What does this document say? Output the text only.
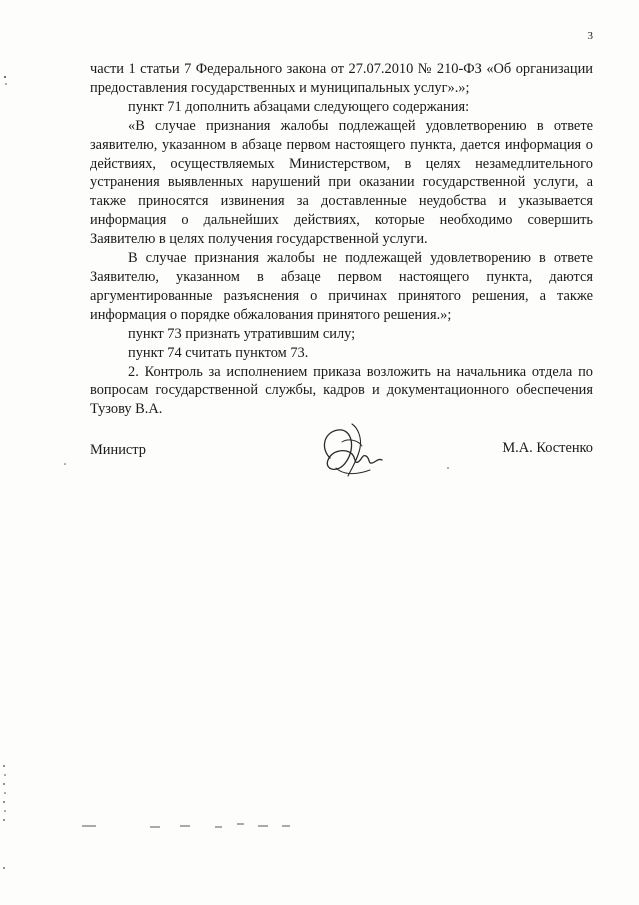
3

части 1 статьи 7 Федерального закона от 27.07.2010 № 210-ФЗ «Об организации предоставления государственных и муниципальных услуг».»;

пункт 71 дополнить абзацами следующего содержания:

«В случае признания жалобы подлежащей удовлетворению в ответе заявителю, указанном в абзаце первом настоящего пункта, дается информация о действиях, осуществляемых Министерством, в целях незамедлительного устранения выявленных нарушений при оказании государственной услуги, а также приносятся извинения за доставленные неудобства и указывается информация о дальнейших действиях, которые необходимо совершить Заявителю в целях получения государственной услуги.

В случае признания жалобы не подлежащей удовлетворению в ответе Заявителю, указанном в абзаце первом настоящего пункта, даются аргументированные разъяснения о причинах принятого решения, а также информация о порядке обжалования принятого решения.»;

пункт 73 признать утратившим силу;

пункт 74 считать пунктом 73.

2. Контроль за исполнением приказа возложить на начальника отдела по вопросам государственной службы, кадров и документационного обеспечения Тузову В.А.

Министр	М.А. Костенко
